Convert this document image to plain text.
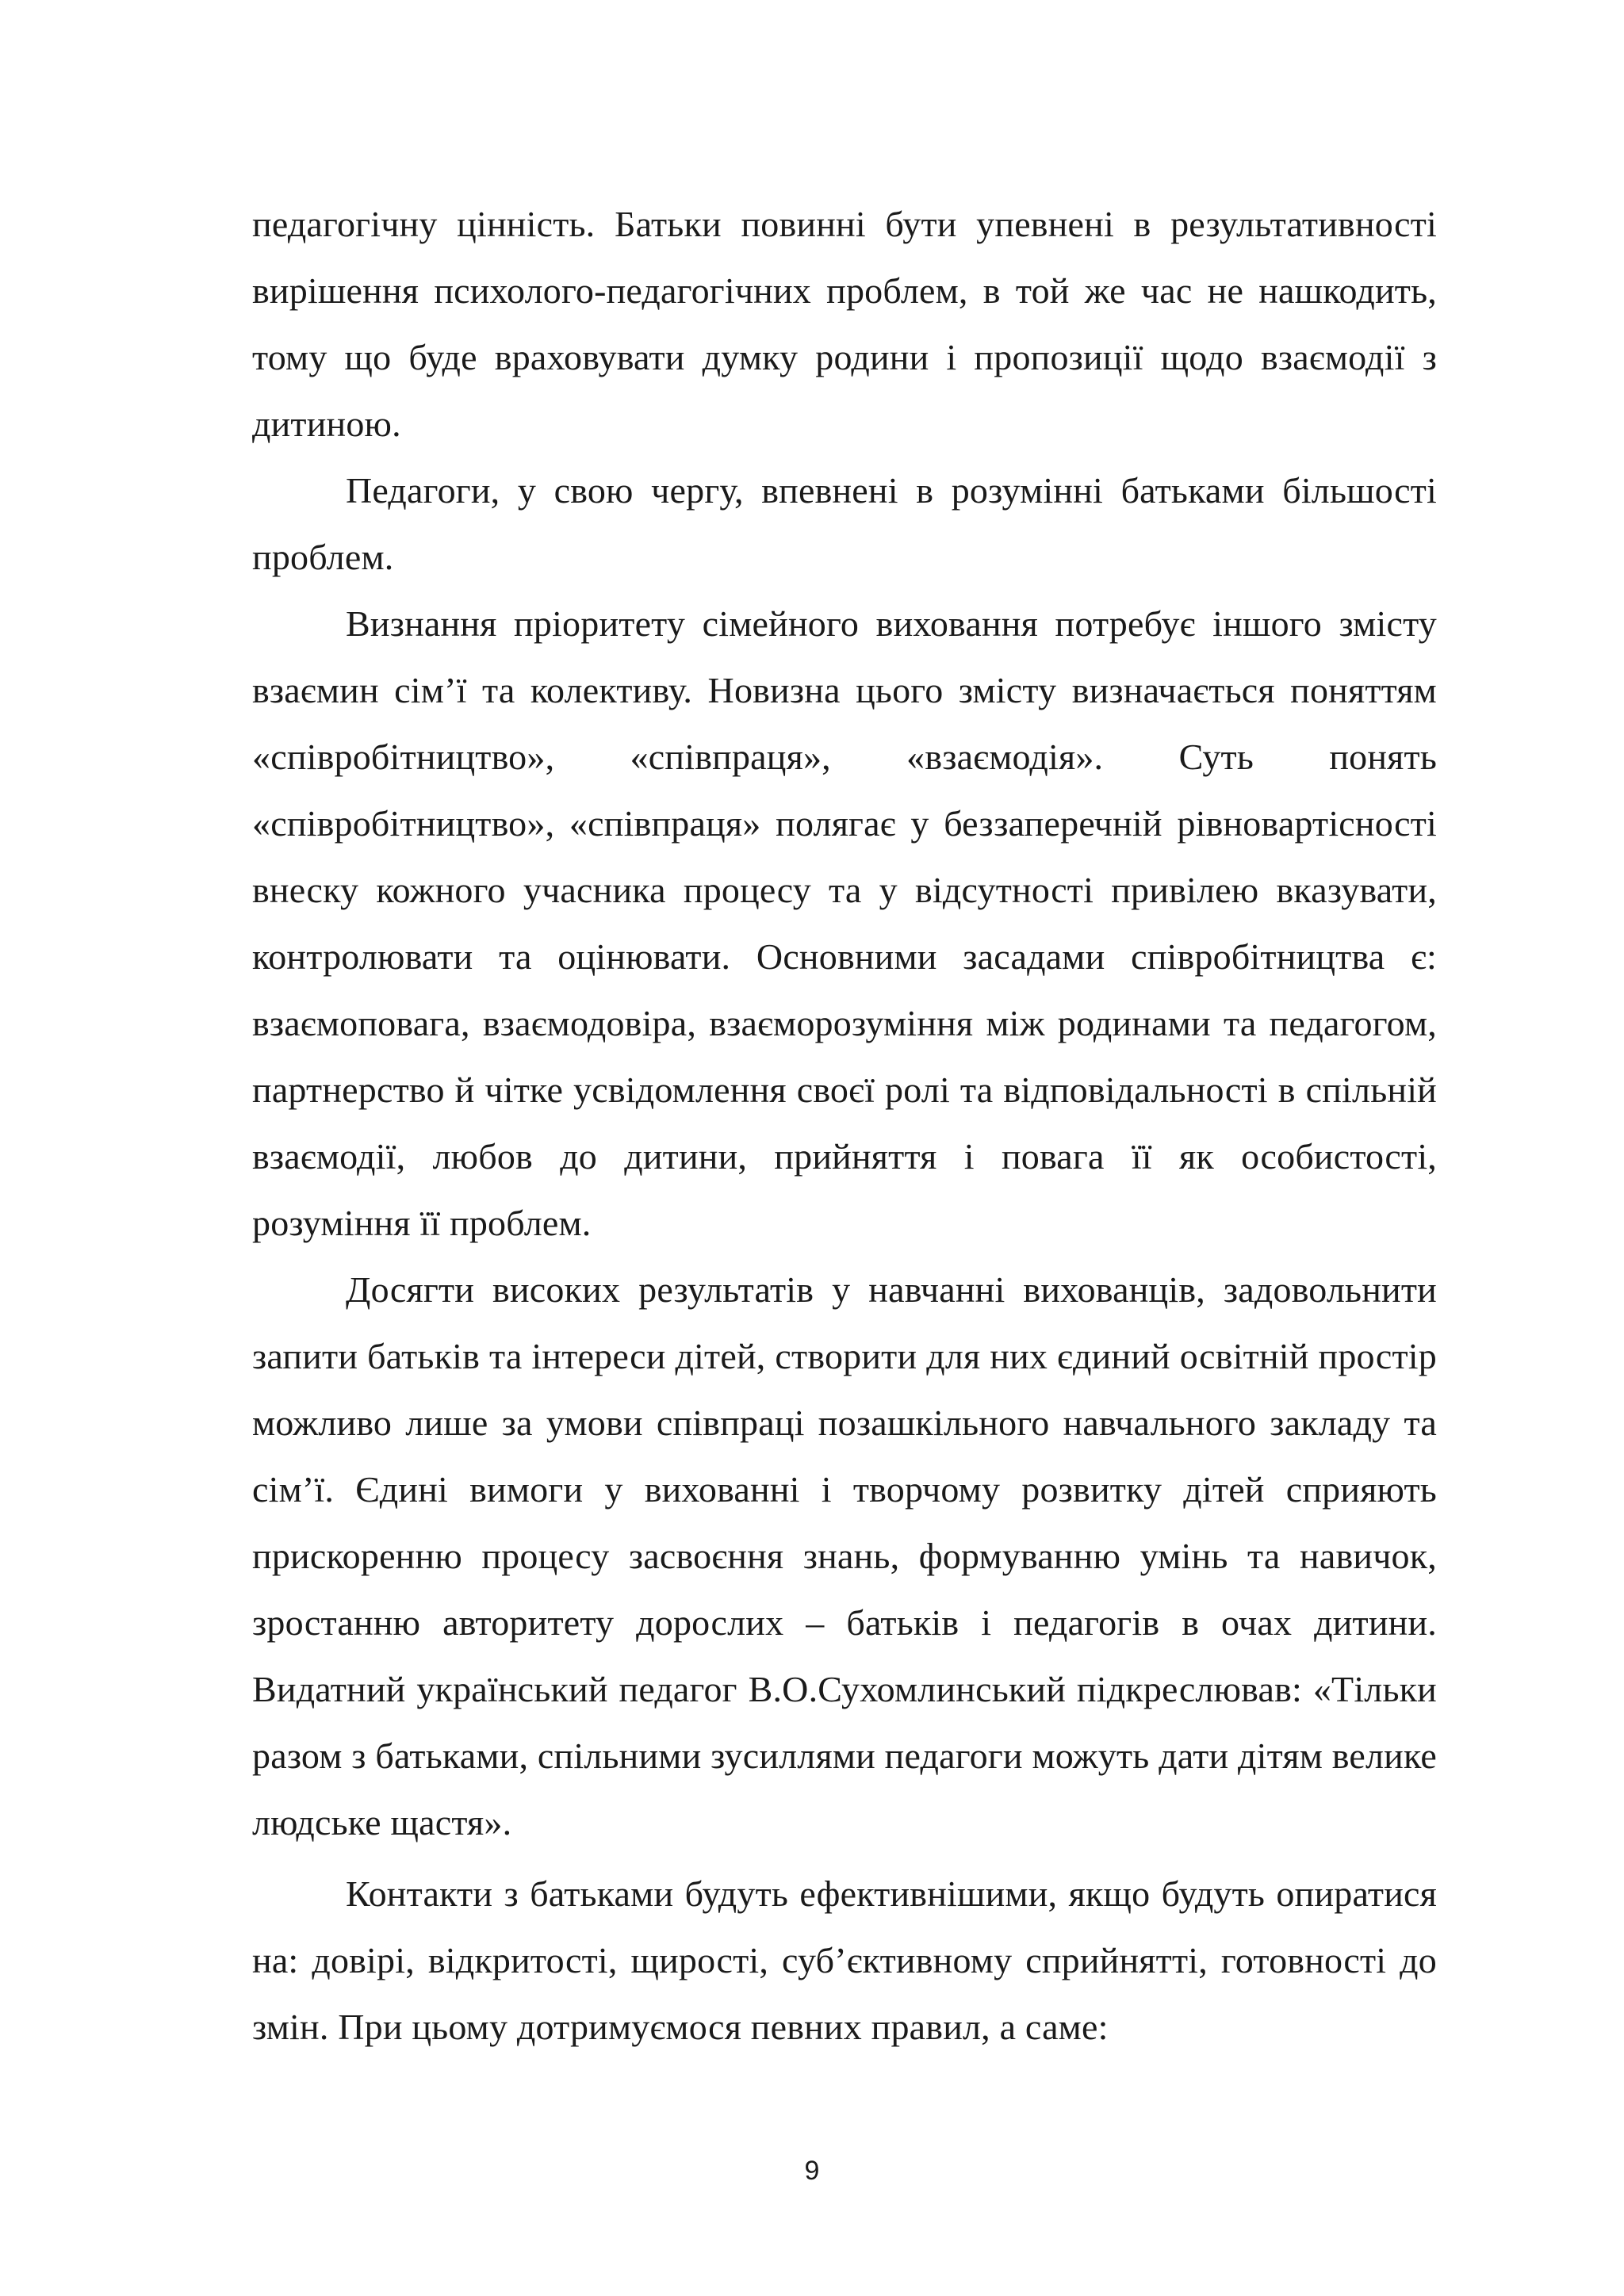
педагогічну цінність. Батьки повинні бути упевнені в результативності вирішення психолого-педагогічних проблем, в той же час не нашкодить, тому що буде враховувати думку родини і пропозиції щодо взаємодії з дитиною.

Педагоги, у свою чергу, впевнені в розумінні батьками більшості проблем.

Визнання пріоритету сімейного виховання потребує іншого змісту взаємин сім’ї та колективу. Новизна цього змісту визначається поняттям «співробітництво», «співпраця», «взаємодія». Суть понять «співробітництво», «співпраця» полягає у беззаперечній рівновартісності внеску кожного учасника процесу та у відсутності привілею вказувати, контролювати та оцінювати. Основними засадами співробітництва є: взаємоповага, взаємодовіра, взаєморозуміння між родинами та педагогом, партнерство й чітке усвідомлення своєї ролі та відповідальності в спільній взаємодії, любов до дитини, прийняття і повага її як особистості, розуміння її проблем.

Досягти високих результатів у навчанні вихованців, задовольнити запити батьків та інтереси дітей, створити для них єдиний освітній простір можливо лише за умови співпраці позашкільного навчального закладу та сім’ї. Єдині вимоги у вихованні і творчому розвитку дітей сприяють прискоренню процесу засвоєння знань, формуванню умінь та навичок, зростанню авторитету дорослих – батьків і педагогів в очах дитини. Видатний український педагог В.О.Сухомлинський підкреслював: «Тільки разом з батьками, спільними зусиллями педагоги можуть дати дітям велике людське щастя».

Контакти з батьками будуть ефективнішими, якщо будуть опиратися на: довірі, відкритості, щирості, суб’єктивному сприйнятті, готовності до змін. При цьому дотримуємося певних правил, а саме:

9
